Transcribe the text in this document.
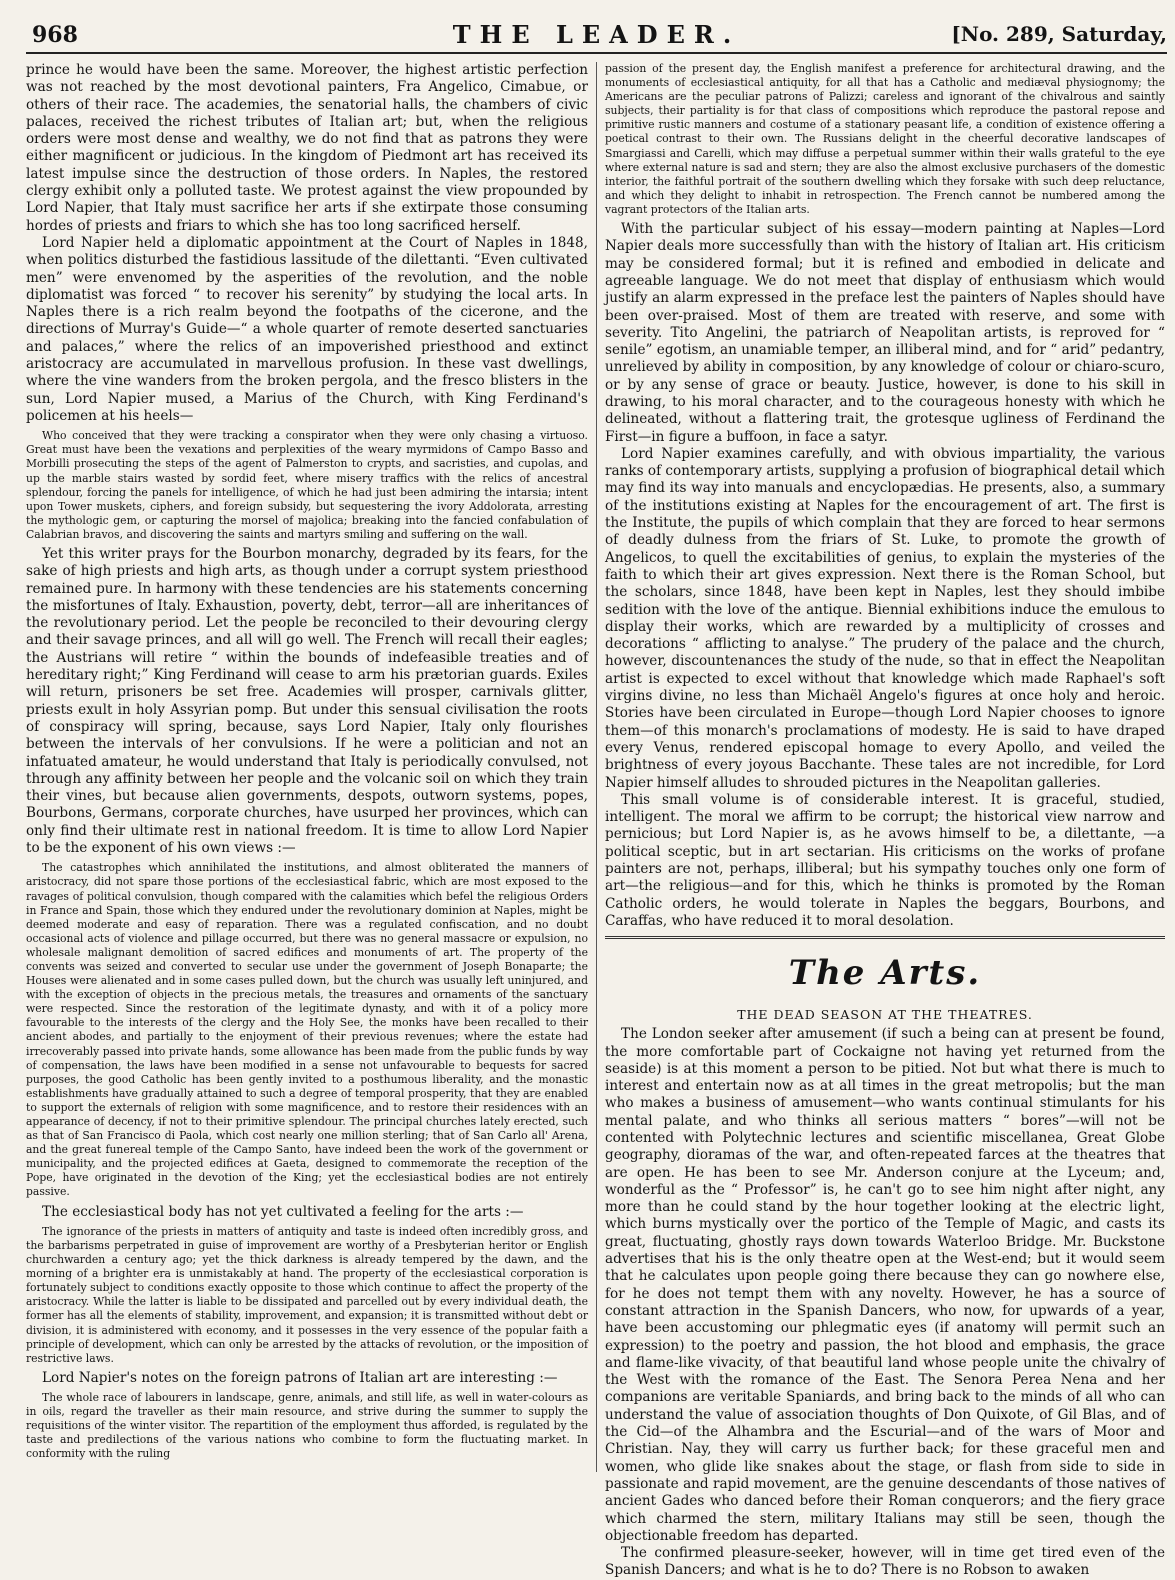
968	THE LEADER.	[No. 289, Saturday,

prince he would have been the same. Moreover, the highest artistic perfection was not reached by the most devotional painters, Fra Angelico, Cimabue, or others of their race. The academies, the senatorial halls, the chambers of civic palaces, received the richest tributes of Italian art; but, when the religious orders were most dense and wealthy, we do not find that as patrons they were either magnificent or judicious. In the kingdom of Piedmont art has received its latest impulse since the destruction of those orders. In Naples, the restored clergy exhibit only a polluted taste. We protest against the view propounded by Lord Napier, that Italy must sacrifice her arts if she extirpate those consuming hordes of priests and friars to which she has too long sacrificed herself.

Lord Napier held a diplomatic appointment at the Court of Naples in 1848, when politics disturbed the fastidious lassitude of the dilettanti. “Even cultivated men” were envenomed by the asperities of the revolution, and the noble diplomatist was forced “ to recover his serenity” by studying the local arts. In Naples there is a rich realm beyond the footpaths of the cicerone, and the directions of Murray's Guide—“ a whole quarter of remote deserted sanctuaries and palaces,” where the relics of an impoverished priesthood and extinct aristocracy are accumulated in marvellous profusion. In these vast dwellings, where the vine wanders from the broken pergola, and the fresco blisters in the sun, Lord Napier mused, a Marius of the Church, with King Ferdinand's policemen at his heels—

Who conceived that they were tracking a conspirator when they were only chasing a virtuoso. Great must have been the vexations and perplexities of the weary myrmidons of Campo Basso and Morbilli prosecuting the steps of the agent of Palmerston to crypts, and sacristies, and cupolas, and up the marble stairs wasted by sordid feet, where misery traffics with the relics of ancestral splendour, forcing the panels for intelligence, of which he had just been admiring the intarsia; intent upon Tower muskets, ciphers, and foreign subsidy, but sequestering the ivory Addolorata, arresting the mythologic gem, or capturing the morsel of majolica; breaking into the fancied confabulation of Calabrian bravos, and discovering the saints and martyrs smiling and suffering on the wall.

Yet this writer prays for the Bourbon monarchy, degraded by its fears, for the sake of high priests and high arts, as though under a corrupt system priesthood remained pure. In harmony with these tendencies are his statements concerning the misfortunes of Italy. Exhaustion, poverty, debt, terror—all are inheritances of the revolutionary period. Let the people be reconciled to their devouring clergy and their savage princes, and all will go well. The French will recall their eagles; the Austrians will retire “ within the bounds of indefeasible treaties and of hereditary right;” King Ferdinand will cease to arm his prætorian guards. Exiles will return, prisoners be set free. Academies will prosper, carnivals glitter, priests exult in holy Assyrian pomp. But under this sensual civilisation the roots of conspiracy will spring, because, says Lord Napier, Italy only flourishes between the intervals of her convulsions. If he were a politician and not an infatuated amateur, he would understand that Italy is periodically convulsed, not through any affinity between her people and the volcanic soil on which they train their vines, but because alien governments, despots, outworn systems, popes, Bourbons, Germans, corporate churches, have usurped her provinces, which can only find their ultimate rest in national freedom. It is time to allow Lord Napier to be the exponent of his own views :—

The catastrophes which annihilated the institutions, and almost obliterated the manners of aristocracy, did not spare those portions of the ecclesiastical fabric, which are most exposed to the ravages of political convulsion, though compared with the calamities which befel the religious Orders in France and Spain, those which they endured under the revolutionary dominion at Naples, might be deemed moderate and easy of reparation. There was a regulated confiscation, and no doubt occasional acts of violence and pillage occurred, but there was no general massacre or expulsion, no wholesale malignant demolition of sacred edifices and monuments of art. The property of the convents was seized and converted to secular use under the government of Joseph Bonaparte; the Houses were alienated and in some cases pulled down, but the church was usually left uninjured, and with the exception of objects in the precious metals, the treasures and ornaments of the sanctuary were respected. Since the restoration of the legitimate dynasty, and with it of a policy more favourable to the interests of the clergy and the Holy See, the monks have been recalled to their ancient abodes, and partially to the enjoyment of their previous revenues; where the estate had irrecoverably passed into private hands, some allowance has been made from the public funds by way of compensation, the laws have been modified in a sense not unfavourable to bequests for sacred purposes, the good Catholic has been gently invited to a posthumous liberality, and the monastic establishments have gradually attained to such a degree of temporal prosperity, that they are enabled to support the externals of religion with some magnificence, and to restore their residences with an appearance of decency, if not to their primitive splendour. The principal churches lately erected, such as that of San Francisco di Paola, which cost nearly one million sterling; that of San Carlo all' Arena, and the great funereal temple of the Campo Santo, have indeed been the work of the government or municipality, and the projected edifices at Gaeta, designed to commemorate the reception of the Pope, have originated in the devotion of the King; yet the ecclesiastical bodies are not entirely passive.

The ecclesiastical body has not yet cultivated a feeling for the arts :—

The ignorance of the priests in matters of antiquity and taste is indeed often incredibly gross, and the barbarisms perpetrated in guise of improvement are worthy of a Presbyterian heritor or English churchwarden a century ago; yet the thick darkness is already tempered by the dawn, and the morning of a brighter era is unmistakably at hand. The property of the ecclesiastical corporation is fortunately subject to conditions exactly opposite to those which continue to affect the property of the aristocracy. While the latter is liable to be dissipated and parcelled out by every individual death, the former has all the elements of stability, improvement, and expansion; it is transmitted without debt or division, it is administered with economy, and it possesses in the very essence of the popular faith a principle of development, which can only be arrested by the attacks of revolution, or the imposition of restrictive laws.

Lord Napier's notes on the foreign patrons of Italian art are interesting :—

The whole race of labourers in landscape, genre, animals, and still life, as well in water-colours as in oils, regard the traveller as their main resource, and strive during the summer to supply the requisitions of the winter visitor. The repartition of the employment thus afforded, is regulated by the taste and predilections of the various nations who combine to form the fluctuating market. In conformity with the ruling

passion of the present day, the English manifest a preference for architectural drawing, and the monuments of ecclesiastical antiquity, for all that has a Catholic and mediæval physiognomy; the Americans are the peculiar patrons of Palizzi; careless and ignorant of the chivalrous and saintly subjects, their partiality is for that class of compositions which reproduce the pastoral repose and primitive rustic manners and costume of a stationary peasant life, a condition of existence offering a poetical contrast to their own. The Russians delight in the cheerful decorative landscapes of Smargiassi and Carelli, which may diffuse a perpetual summer within their walls grateful to the eye where external nature is sad and stern; they are also the almost exclusive purchasers of the domestic interior, the faithful portrait of the southern dwelling which they forsake with such deep reluctance, and which they delight to inhabit in retrospection. The French cannot be numbered among the vagrant protectors of the Italian arts.

With the particular subject of his essay—modern painting at Naples—Lord Napier deals more successfully than with the history of Italian art. His criticism may be considered formal; but it is refined and embodied in delicate and agreeable language. We do not meet that display of enthusiasm which would justify an alarm expressed in the preface lest the painters of Naples should have been over-praised. Most of them are treated with reserve, and some with severity. Tito Angelini, the patriarch of Neapolitan artists, is reproved for “ senile” egotism, an unamiable temper, an illiberal mind, and for “ arid” pedantry, unrelieved by ability in composition, by any knowledge of colour or chiaro-scuro, or by any sense of grace or beauty. Justice, however, is done to his skill in drawing, to his moral character, and to the courageous honesty with which he delineated, without a flattering trait, the grotesque ugliness of Ferdinand the First—in figure a buffoon, in face a satyr.

Lord Napier examines carefully, and with obvious impartiality, the various ranks of contemporary artists, supplying a profusion of biographical detail which may find its way into manuals and encyclopædias. He presents, also, a summary of the institutions existing at Naples for the encouragement of art. The first is the Institute, the pupils of which complain that they are forced to hear sermons of deadly dulness from the friars of St. Luke, to promote the growth of Angelicos, to quell the excitabilities of genius, to explain the mysteries of the faith to which their art gives expression. Next there is the Roman School, but the scholars, since 1848, have been kept in Naples, lest they should imbibe sedition with the love of the antique. Biennial exhibitions induce the emulous to display their works, which are rewarded by a multiplicity of crosses and decorations “ afflicting to analyse.” The prudery of the palace and the church, however, discountenances the study of the nude, so that in effect the Neapolitan artist is expected to excel without that knowledge which made Raphael's soft virgins divine, no less than Michaël Angelo's figures at once holy and heroic. Stories have been circulated in Europe—though Lord Napier chooses to ignore them—of this monarch's proclamations of modesty. He is said to have draped every Venus, rendered episcopal homage to every Apollo, and veiled the brightness of every joyous Bacchante. These tales are not incredible, for Lord Napier himself alludes to shrouded pictures in the Neapolitan galleries.

This small volume is of considerable interest. It is graceful, studied, intelligent. The moral we affirm to be corrupt; the historical view narrow and pernicious; but Lord Napier is, as he avows himself to be, a dilettante, —a political sceptic, but in art sectarian. His criticisms on the works of profane painters are not, perhaps, illiberal; but his sympathy touches only one form of art—the religious—and for this, which he thinks is promoted by the Roman Catholic orders, he would tolerate in Naples the beggars, Bourbons, and Caraffas, who have reduced it to moral desolation.

The Arts.
THE DEAD SEASON AT THE THEATRES.

The London seeker after amusement (if such a being can at present be found, the more comfortable part of Cockaigne not having yet returned from the seaside) is at this moment a person to be pitied. Not but what there is much to interest and entertain now as at all times in the great metropolis; but the man who makes a business of amusement—who wants continual stimulants for his mental palate, and who thinks all serious matters “ bores”—will not be contented with Polytechnic lectures and scientific miscellanea, Great Globe geography, dioramas of the war, and often-repeated farces at the theatres that are open. He has been to see Mr. Anderson conjure at the Lyceum; and, wonderful as the “ Professor” is, he can't go to see him night after night, any more than he could stand by the hour together looking at the electric light, which burns mystically over the portico of the Temple of Magic, and casts its great, fluctuating, ghostly rays down towards Waterloo Bridge. Mr. Buckstone advertises that his is the only theatre open at the West-end; but it would seem that he calculates upon people going there because they can go nowhere else, for he does not tempt them with any novelty. However, he has a source of constant attraction in the Spanish Dancers, who now, for upwards of a year, have been accustoming our phlegmatic eyes (if anatomy will permit such an expression) to the poetry and passion, the hot blood and emphasis, the grace and flame-like vivacity, of that beautiful land whose people unite the chivalry of the West with the romance of the East. The Senora Perea Nena and her companions are veritable Spaniards, and bring back to the minds of all who can understand the value of association thoughts of Don Quixote, of Gil Blas, and of the Cid—of the Alhambra and the Escurial—and of the wars of Moor and Christian. Nay, they will carry us further back; for these graceful men and women, who glide like snakes about the stage, or flash from side to side in passionate and rapid movement, are the genuine descendants of those natives of ancient Gades who danced before their Roman conquerors; and the fiery grace which charmed the stern, military Italians may still be seen, though the objectionable freedom has departed.

The confirmed pleasure-seeker, however, will in time get tired even of the Spanish Dancers; and what is he to do? There is no Robson to awaken
